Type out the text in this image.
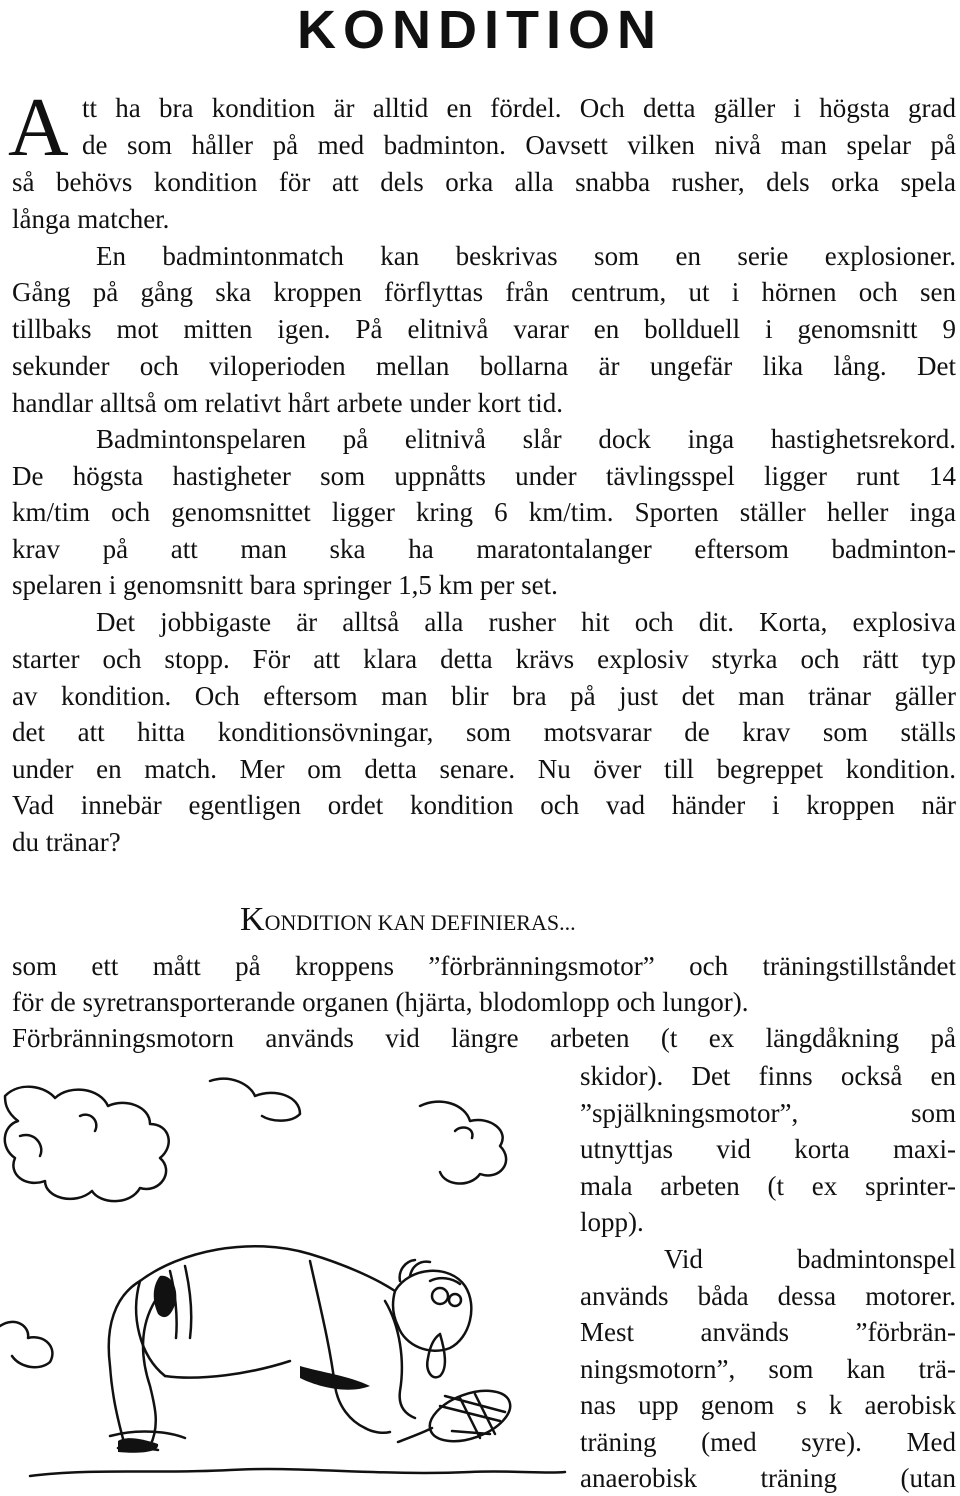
KONDITION
A tt ha bra kondition är alltid en fördel. Och detta gäller i högsta grad
de som håller på med badminton. Oavsett vilken nivå man spelar på
så behövs kondition för att dels orka alla snabba rusher, dels orka spela
långa matcher.
En badmintonmatch kan beskrivas som en serie explosioner.
Gång på gång ska kroppen förflyttas från centrum, ut i hörnen och sen
tillbaks mot mitten igen. På elitnivå varar en bollduell i genomsnitt 9
sekunder och viloperioden mellan bollarna är ungefär lika lång. Det
handlar alltså om relativt hårt arbete under kort tid.
Badmintonspelaren på elitnivå slår dock inga hastighetsrekord.
De högsta hastigheter som uppnåtts under tävlingsspel ligger runt 14
km/tim och genomsnittet ligger kring 6 km/tim. Sporten ställer heller inga
krav på att man ska ha maratontalanger eftersom badminton-
spelaren i genomsnitt bara springer 1,5 km per set.
Det jobbigaste är alltså alla rusher hit och dit. Korta, explosiva
starter och stopp. För att klara detta krävs explosiv styrka och rätt typ
av kondition. Och eftersom man blir bra på just det man tränar gäller
det att hitta konditionsövningar, som motsvarar de krav som ställs
under en match. Mer om detta senare. Nu över till begreppet kondition.
Vad innebär egentligen ordet kondition och vad händer i kroppen när
du tränar?
KONDITION KAN DEFINIERAS...
som ett mått på kroppens ”förbränningsmotor” och träningstillståndet
för de syretransporterande organen (hjärta, blodomlopp och lungor).
Förbränningsmotorn används vid längre arbeten (t ex längdåkning på
skidor). Det finns också en
”spjälkningsmotor”, som
utnyttjas vid korta maxi-
mala arbeten (t ex sprinter-
lopp).
Vid badmintonspel
används båda dessa motorer.
Mest används ”förbrän-
ningsmotorn”, som kan trä-
nas upp genom s k aerobisk
träning (med syre). Med
anaerobisk träning (utan
